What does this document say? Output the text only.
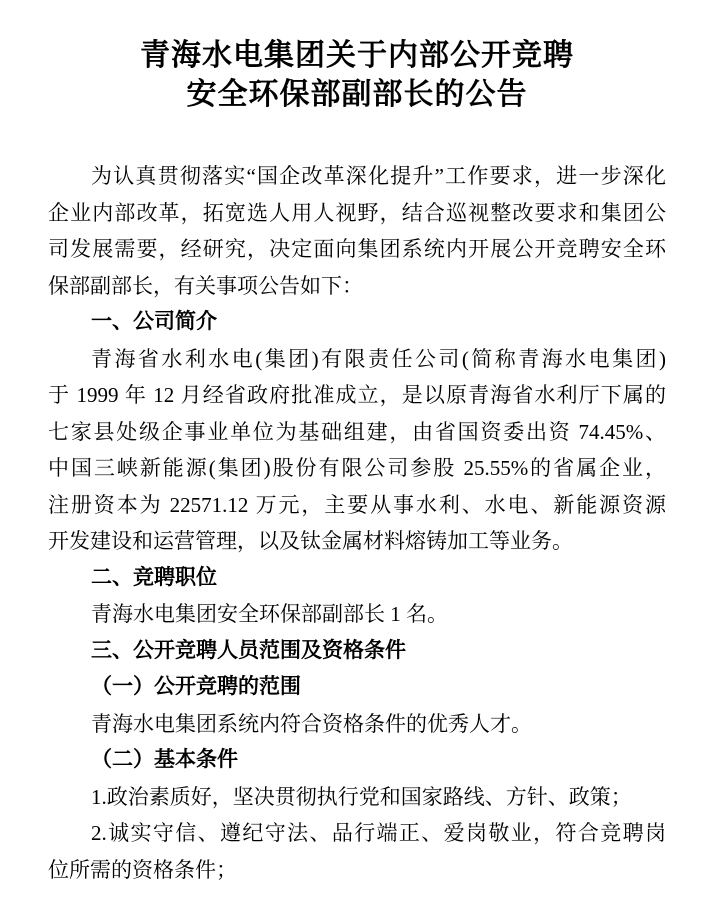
青海水电集团关于内部公开竞聘
安全环保部副部长的公告
为认真贯彻落实“国企改革深化提升”工作要求，进一步深化
企业内部改革，拓宽选人用人视野，结合巡视整改要求和集团公
司发展需要，经研究，决定面向集团系统内开展公开竞聘安全环
保部副部长，有关事项公告如下：
一、公司简介
青海省水利水电(集团)有限责任公司(简称青海水电集团)
于 1999 年 12 月经省政府批准成立，是以原青海省水利厅下属的
七家县处级企事业单位为基础组建，由省国资委出资 74.45%、
中国三峡新能源(集团)股份有限公司参股 25.55%的省属企业，
注册资本为 22571.12 万元，主要从事水利、水电、新能源资源
开发建设和运营管理，以及钛金属材料熔铸加工等业务。
二、竞聘职位
青海水电集团安全环保部副部长 1 名。
三、公开竞聘人员范围及资格条件
（一）公开竞聘的范围
青海水电集团系统内符合资格条件的优秀人才。
（二）基本条件
1.政治素质好，坚决贯彻执行党和国家路线、方针、政策；
2.诚实守信、遵纪守法、品行端正、爱岗敬业，符合竞聘岗
位所需的资格条件；
